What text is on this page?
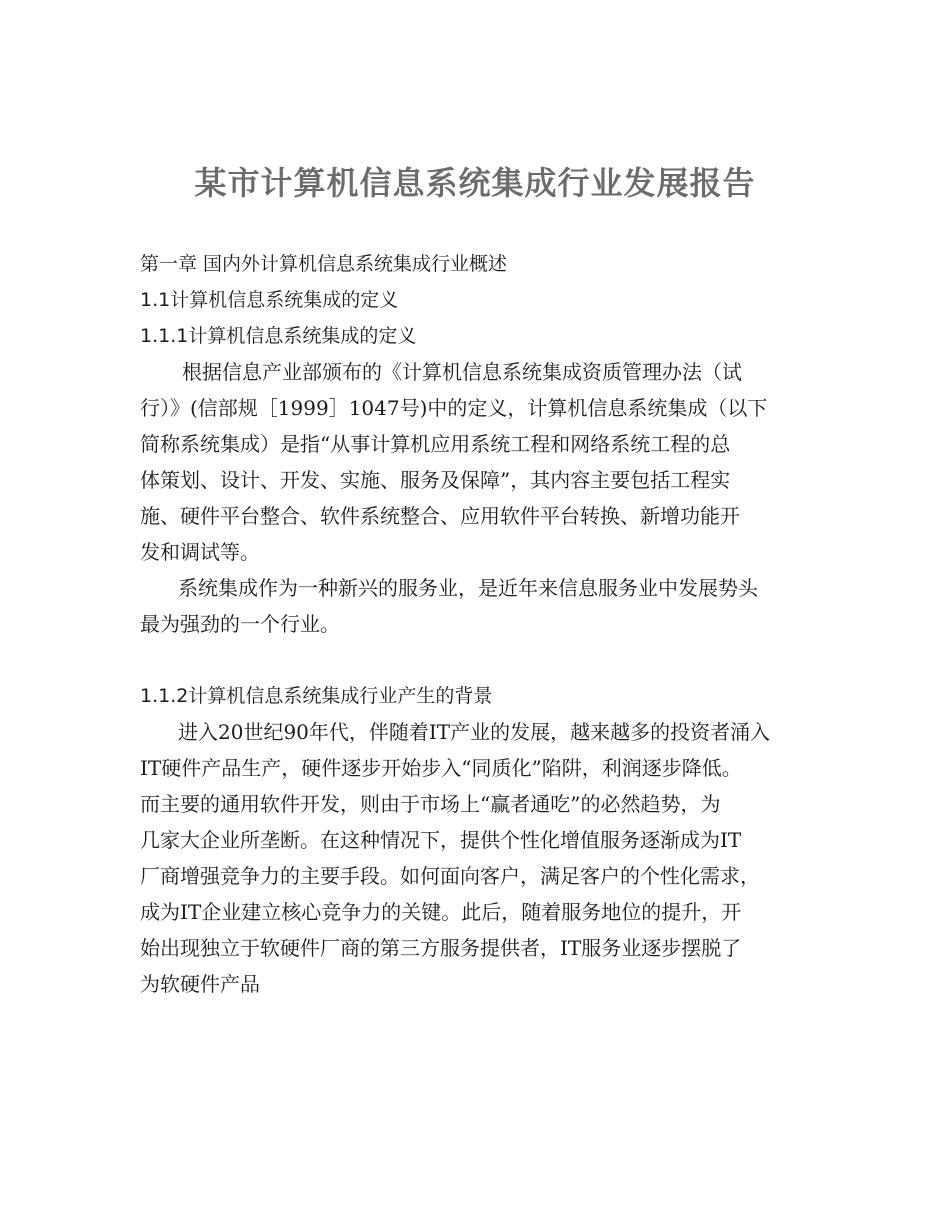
某市计算机信息系统集成行业发展报告
第一章 国内外计算机信息系统集成行业概述
1.1计算机信息系统集成的定义
1.1.1计算机信息系统集成的定义
根据信息产业部颁布的《计算机信息系统集成资质管理办法（试
行）》(信部规［1999］1047号)中的定义，计算机信息系统集成（以下
简称系统集成）是指“从事计算机应用系统工程和网络系统工程的总
体策划、设计、开发、实施、服务及保障”，其内容主要包括工程实
施、硬件平台整合、软件系统整合、应用软件平台转换、新增功能开
发和调试等。
系统集成作为一种新兴的服务业，是近年来信息服务业中发展势头
最为强劲的一个行业。
1.1.2计算机信息系统集成行业产生的背景
进入20世纪90年代，伴随着IT产业的发展，越来越多的投资者涌入
IT硬件产品生产，硬件逐步开始步入“同质化”陷阱，利润逐步降低。
而主要的通用软件开发，则由于市场上“赢者通吃”的必然趋势，为
几家大企业所垄断。在这种情况下，提供个性化增值服务逐渐成为IT
厂商增强竞争力的主要手段。如何面向客户，满足客户的个性化需求，
成为IT企业建立核心竞争力的关键。此后，随着服务地位的提升，开
始出现独立于软硬件厂商的第三方服务提供者，IT服务业逐步摆脱了
为软硬件产品
